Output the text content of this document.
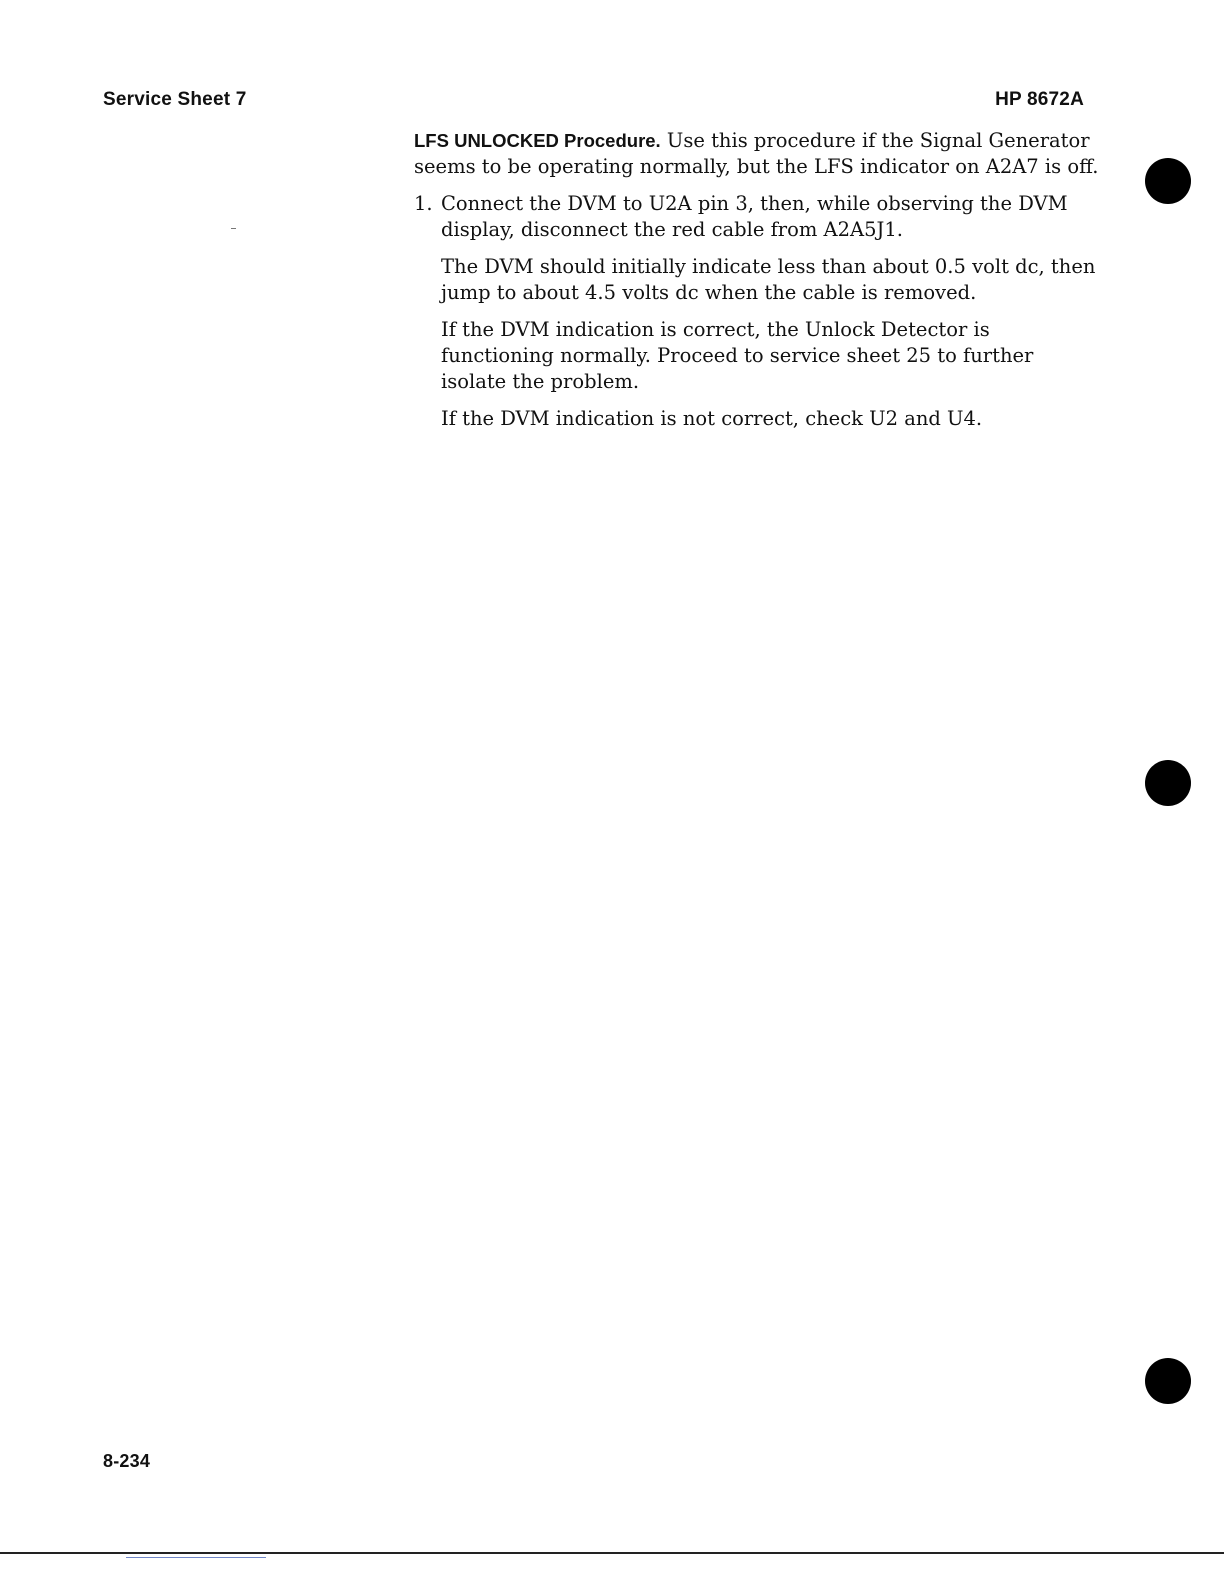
Service Sheet 7	HP 8672A

LFS UNLOCKED Procedure. Use this procedure if the Signal Generator seems to be operating normally, but the LFS indicator on A2A7 is off.

1. Connect the DVM to U2A pin 3, then, while observing the DVM display, disconnect the red cable from A2A5J1.

The DVM should initially indicate less than about 0.5 volt dc, then jump to about 4.5 volts dc when the cable is removed.

If the DVM indication is correct, the Unlock Detector is functioning normally. Proceed to service sheet 25 to further isolate the problem.

If the DVM indication is not correct, check U2 and U4.

8-234
